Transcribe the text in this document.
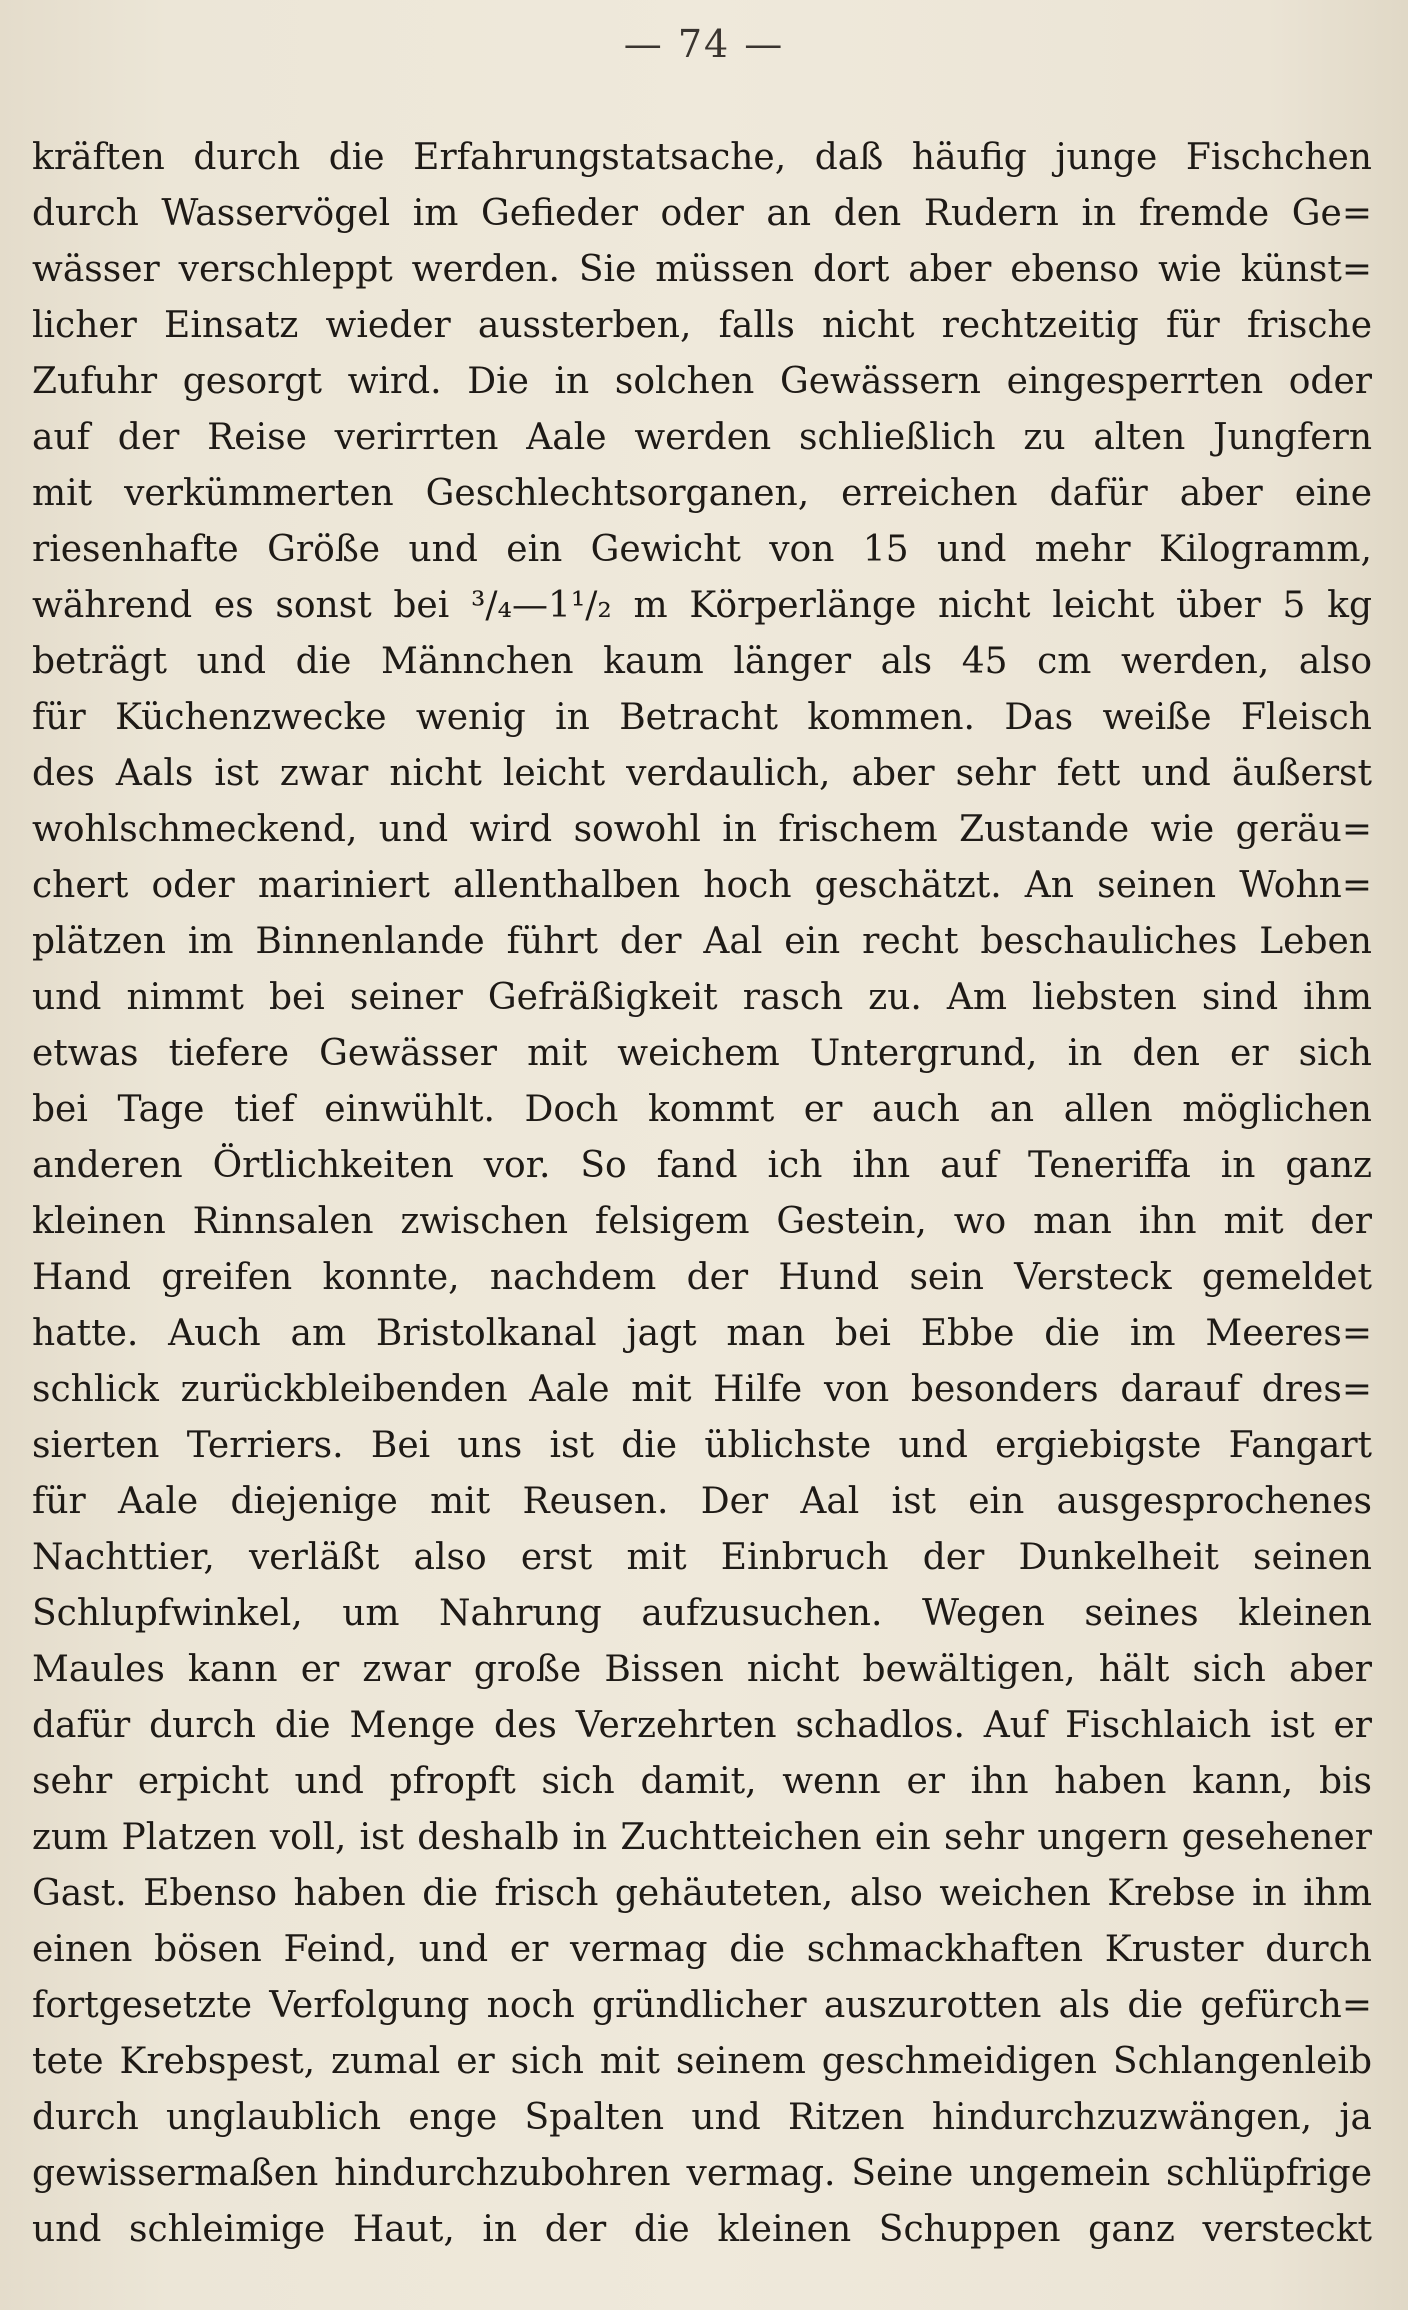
— 74 —
kräften durch die Erfahrungstatsache, daß häufig junge Fischchen
durch Wasservögel im Gefieder oder an den Rudern in fremde Ge=
wässer verschleppt werden. Sie müssen dort aber ebenso wie künst=
licher Einsatz wieder aussterben, falls nicht rechtzeitig für frische
Zufuhr gesorgt wird. Die in solchen Gewässern eingesperrten oder
auf der Reise verirrten Aale werden schließlich zu alten Jungfern
mit verkümmerten Geschlechtsorganen, erreichen dafür aber eine
riesenhafte Größe und ein Gewicht von 15 und mehr Kilogramm,
während es sonst bei ³/₄—1¹/₂ m Körperlänge nicht leicht über 5 kg
beträgt und die Männchen kaum länger als 45 cm werden, also
für Küchenzwecke wenig in Betracht kommen. Das weiße Fleisch
des Aals ist zwar nicht leicht verdaulich, aber sehr fett und äußerst
wohlschmeckend, und wird sowohl in frischem Zustande wie geräu=
chert oder mariniert allenthalben hoch geschätzt. An seinen Wohn=
plätzen im Binnenlande führt der Aal ein recht beschauliches Leben
und nimmt bei seiner Gefräßigkeit rasch zu. Am liebsten sind ihm
etwas tiefere Gewässer mit weichem Untergrund, in den er sich
bei Tage tief einwühlt. Doch kommt er auch an allen möglichen
anderen Örtlichkeiten vor. So fand ich ihn auf Teneriffa in ganz
kleinen Rinnsalen zwischen felsigem Gestein, wo man ihn mit der
Hand greifen konnte, nachdem der Hund sein Versteck gemeldet
hatte. Auch am Bristolkanal jagt man bei Ebbe die im Meeres=
schlick zurückbleibenden Aale mit Hilfe von besonders darauf dres=
sierten Terriers. Bei uns ist die üblichste und ergiebigste Fangart
für Aale diejenige mit Reusen. Der Aal ist ein ausgesprochenes
Nachttier, verläßt also erst mit Einbruch der Dunkelheit seinen
Schlupfwinkel, um Nahrung aufzusuchen. Wegen seines kleinen
Maules kann er zwar große Bissen nicht bewältigen, hält sich aber
dafür durch die Menge des Verzehrten schadlos. Auf Fischlaich ist er
sehr erpicht und pfropft sich damit, wenn er ihn haben kann, bis
zum Platzen voll, ist deshalb in Zuchtteichen ein sehr ungern gesehener
Gast. Ebenso haben die frisch gehäuteten, also weichen Krebse in ihm
einen bösen Feind, und er vermag die schmackhaften Kruster durch
fortgesetzte Verfolgung noch gründlicher auszurotten als die gefürch=
tete Krebspest, zumal er sich mit seinem geschmeidigen Schlangenleib
durch unglaublich enge Spalten und Ritzen hindurchzuzwängen, ja
gewissermaßen hindurchzubohren vermag. Seine ungemein schlüpfrige
und schleimige Haut, in der die kleinen Schuppen ganz versteckt
